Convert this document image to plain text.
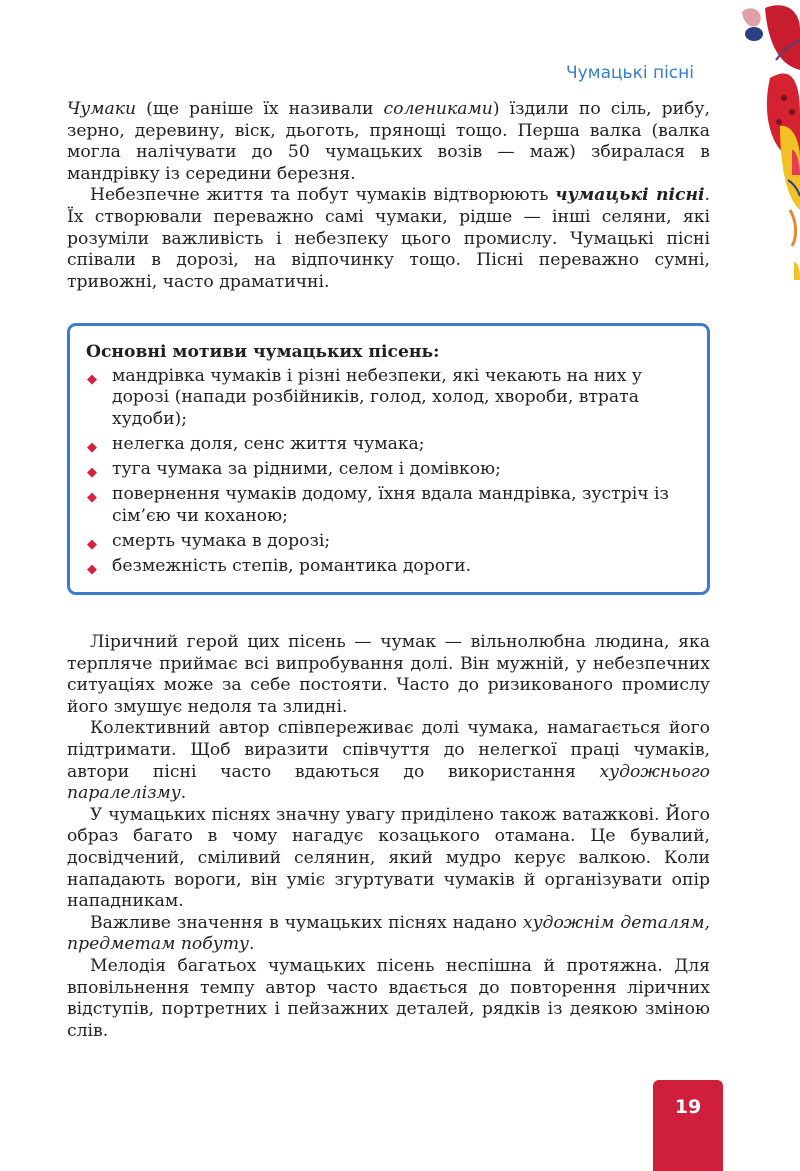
Чумацькі пісні

Чумаки (ще раніше їх називали солениками) їздили по сіль, рибу, зерно, деревину, віск, дьоготь, прянощі тощо. Перша валка (валка могла налічувати до 50 чумацьких возів — маж) збиралася в мандрівку із середини березня.

Небезпечне життя та побут чумаків відтворюють чумацькі пісні. Їх створювали переважно самі чумаки, рідше — інші селяни, які розуміли важливість і небезпеку цього промислу. Чумацькі пісні співали в дорозі, на відпочинку тощо. Пісні переважно сумні, тривожні, часто драматичні.

Основні мотиви чумацьких пісень:
◆ мандрівка чумаків і різні небезпеки, які чекають на них у дорозі (напади розбійників, голод, холод, хвороби, втрата худоби);
◆ нелегка доля, сенс життя чумака;
◆ туга чумака за рідними, селом і домівкою;
◆ повернення чумаків додому, їхня вдала мандрівка, зустріч із сім’єю чи коханою;
◆ смерть чумака в дорозі;
◆ безмежність степів, романтика дороги.

Ліричний герой цих пісень — чумак — вільнолюбна людина, яка терпляче приймає всі випробування долі. Він мужній, у небезпечних ситуаціях може за себе постояти. Часто до ризикованого промислу його змушує недоля та злидні.

Колективний автор співпереживає долі чумака, намагається його підтримати. Щоб виразити співчуття до нелегкої праці чумаків, автори пісні часто вдаються до використання художнього паралелізму.

У чумацьких піснях значну увагу приділено також ватажкові. Його образ багато в чому нагадує козацького отамана. Це бувалий, досвідчений, сміливий селянин, який мудро керує валкою. Коли нападають вороги, він уміє згуртувати чумаків й організувати опір нападникам.

Важливе значення в чумацьких піснях надано художнім деталям, предметам побуту.

Мелодія багатьох чумацьких пісень неспішна й протяжна. Для вповільнення темпу автор часто вдається до повторення ліричних відступів, портретних і пейзажних деталей, рядків із деякою зміною слів.

19
